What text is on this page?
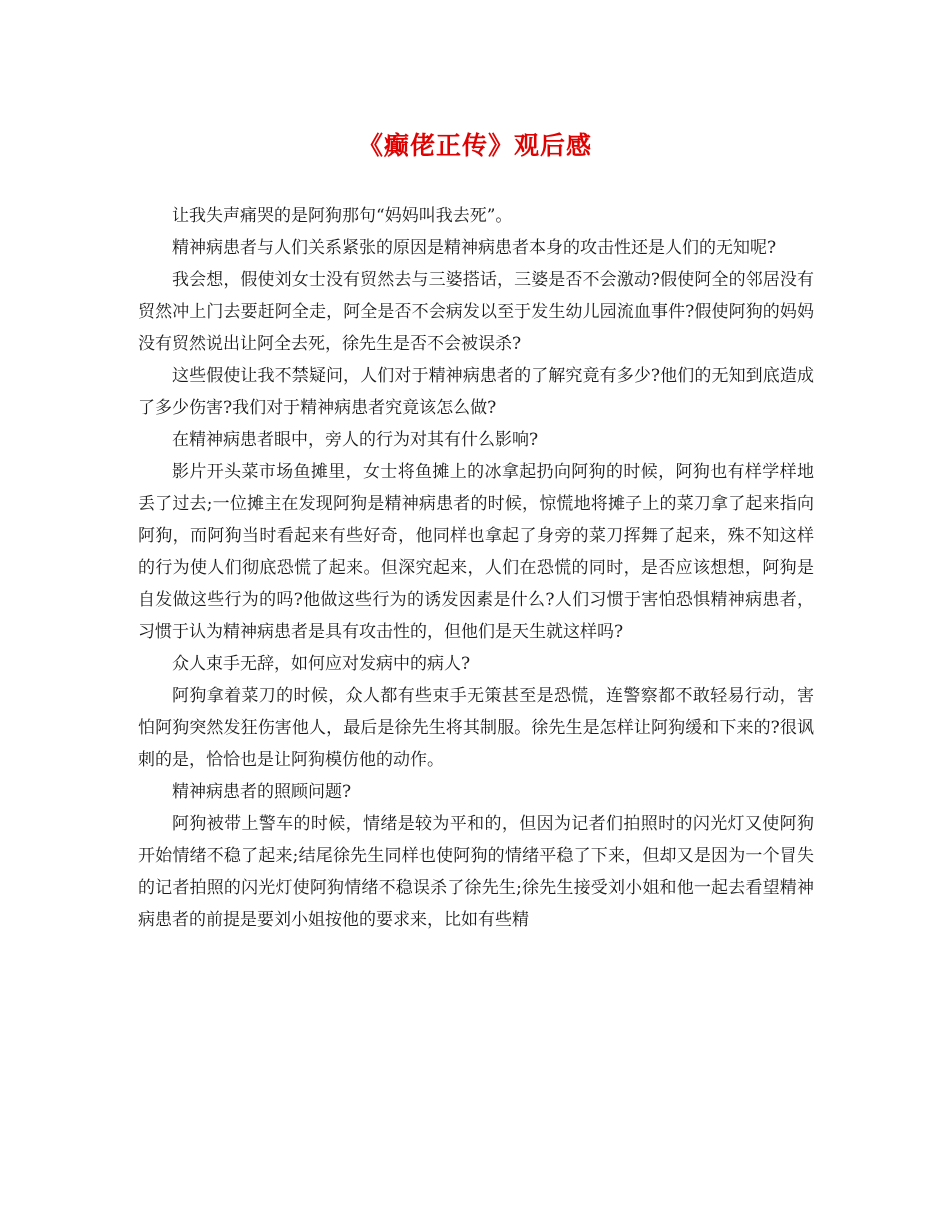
《癫佬正传》观后感

让我失声痛哭的是阿狗那句“妈妈叫我去死”。

精神病患者与人们关系紧张的原因是精神病患者本身的攻击性还是人们的无知呢?

我会想，假使刘女士没有贸然去与三婆搭话，三婆是否不会激动?假使阿全的邻居没有贸然冲上门去要赶阿全走，阿全是否不会病发以至于发生幼儿园流血事件?假使阿狗的妈妈没有贸然说出让阿全去死，徐先生是否不会被误杀?

这些假使让我不禁疑问，人们对于精神病患者的了解究竟有多少?他们的无知到底造成了多少伤害?我们对于精神病患者究竟该怎么做?

在精神病患者眼中，旁人的行为对其有什么影响?

影片开头菜市场鱼摊里，女士将鱼摊上的冰拿起扔向阿狗的时候，阿狗也有样学样地丢了过去;一位摊主在发现阿狗是精神病患者的时候，惊慌地将摊子上的菜刀拿了起来指向阿狗，而阿狗当时看起来有些好奇，他同样也拿起了身旁的菜刀挥舞了起来，殊不知这样的行为使人们彻底恐慌了起来。但深究起来，人们在恐慌的同时，是否应该想想，阿狗是自发做这些行为的吗?他做这些行为的诱发因素是什么?人们习惯于害怕恐惧精神病患者，习惯于认为精神病患者是具有攻击性的，但他们是天生就这样吗?

众人束手无辞，如何应对发病中的病人?

阿狗拿着菜刀的时候，众人都有些束手无策甚至是恐慌，连警察都不敢轻易行动，害怕阿狗突然发狂伤害他人，最后是徐先生将其制服。徐先生是怎样让阿狗缓和下来的?很讽刺的是，恰恰也是让阿狗模仿他的动作。

精神病患者的照顾问题?

阿狗被带上警车的时候，情绪是较为平和的，但因为记者们拍照时的闪光灯又使阿狗开始情绪不稳了起来;结尾徐先生同样也使阿狗的情绪平稳了下来，但却又是因为一个冒失的记者拍照的闪光灯使阿狗情绪不稳误杀了徐先生;徐先生接受刘小姐和他一起去看望精神病患者的前提是要刘小姐按他的要求来，比如有些精
